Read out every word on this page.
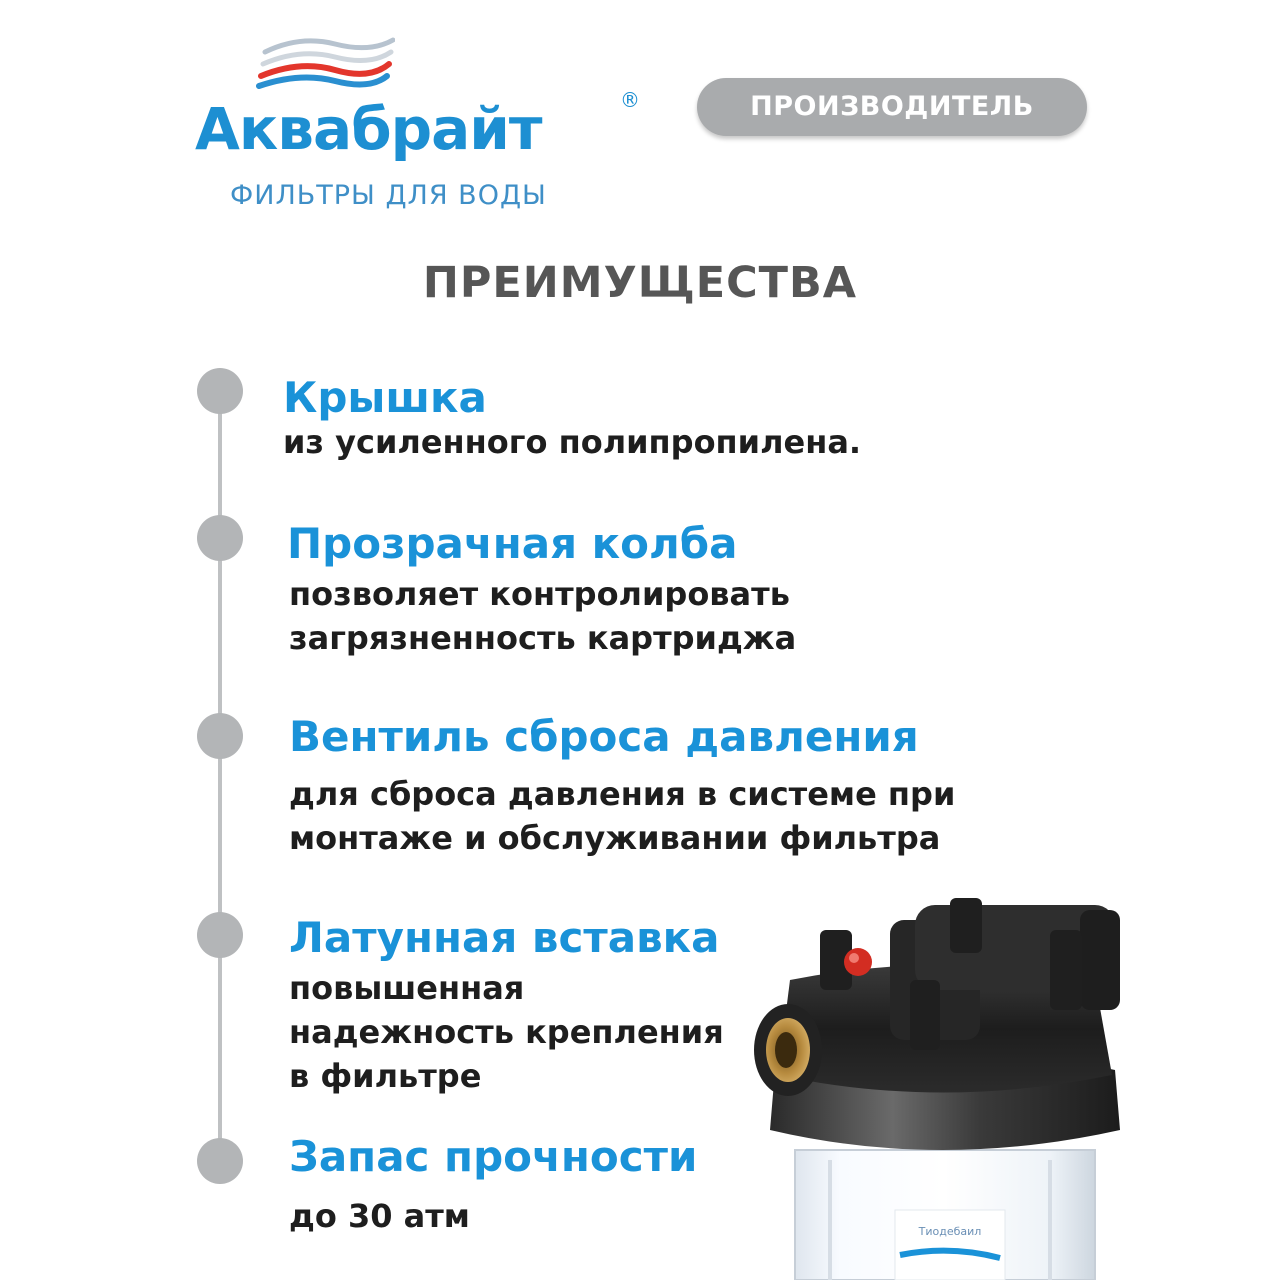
Аквабрайт	®
ФИЛЬТРЫ ДЛЯ ВОДЫ
ПРОИЗВОДИТЕЛЬ
ПРЕИМУЩЕСТВА
Крышка
из усиленного полипропилена.
Прозрачная колба
позволяет контролировать
загрязненность картриджа
Вентиль сброса давления
для сброса давления в системе при
монтаже и обслуживании фильтра
Латунная вставка
повышенная
надежность крепления
в фильтре
Запас прочности
до 30 атм	Тиодебаил
